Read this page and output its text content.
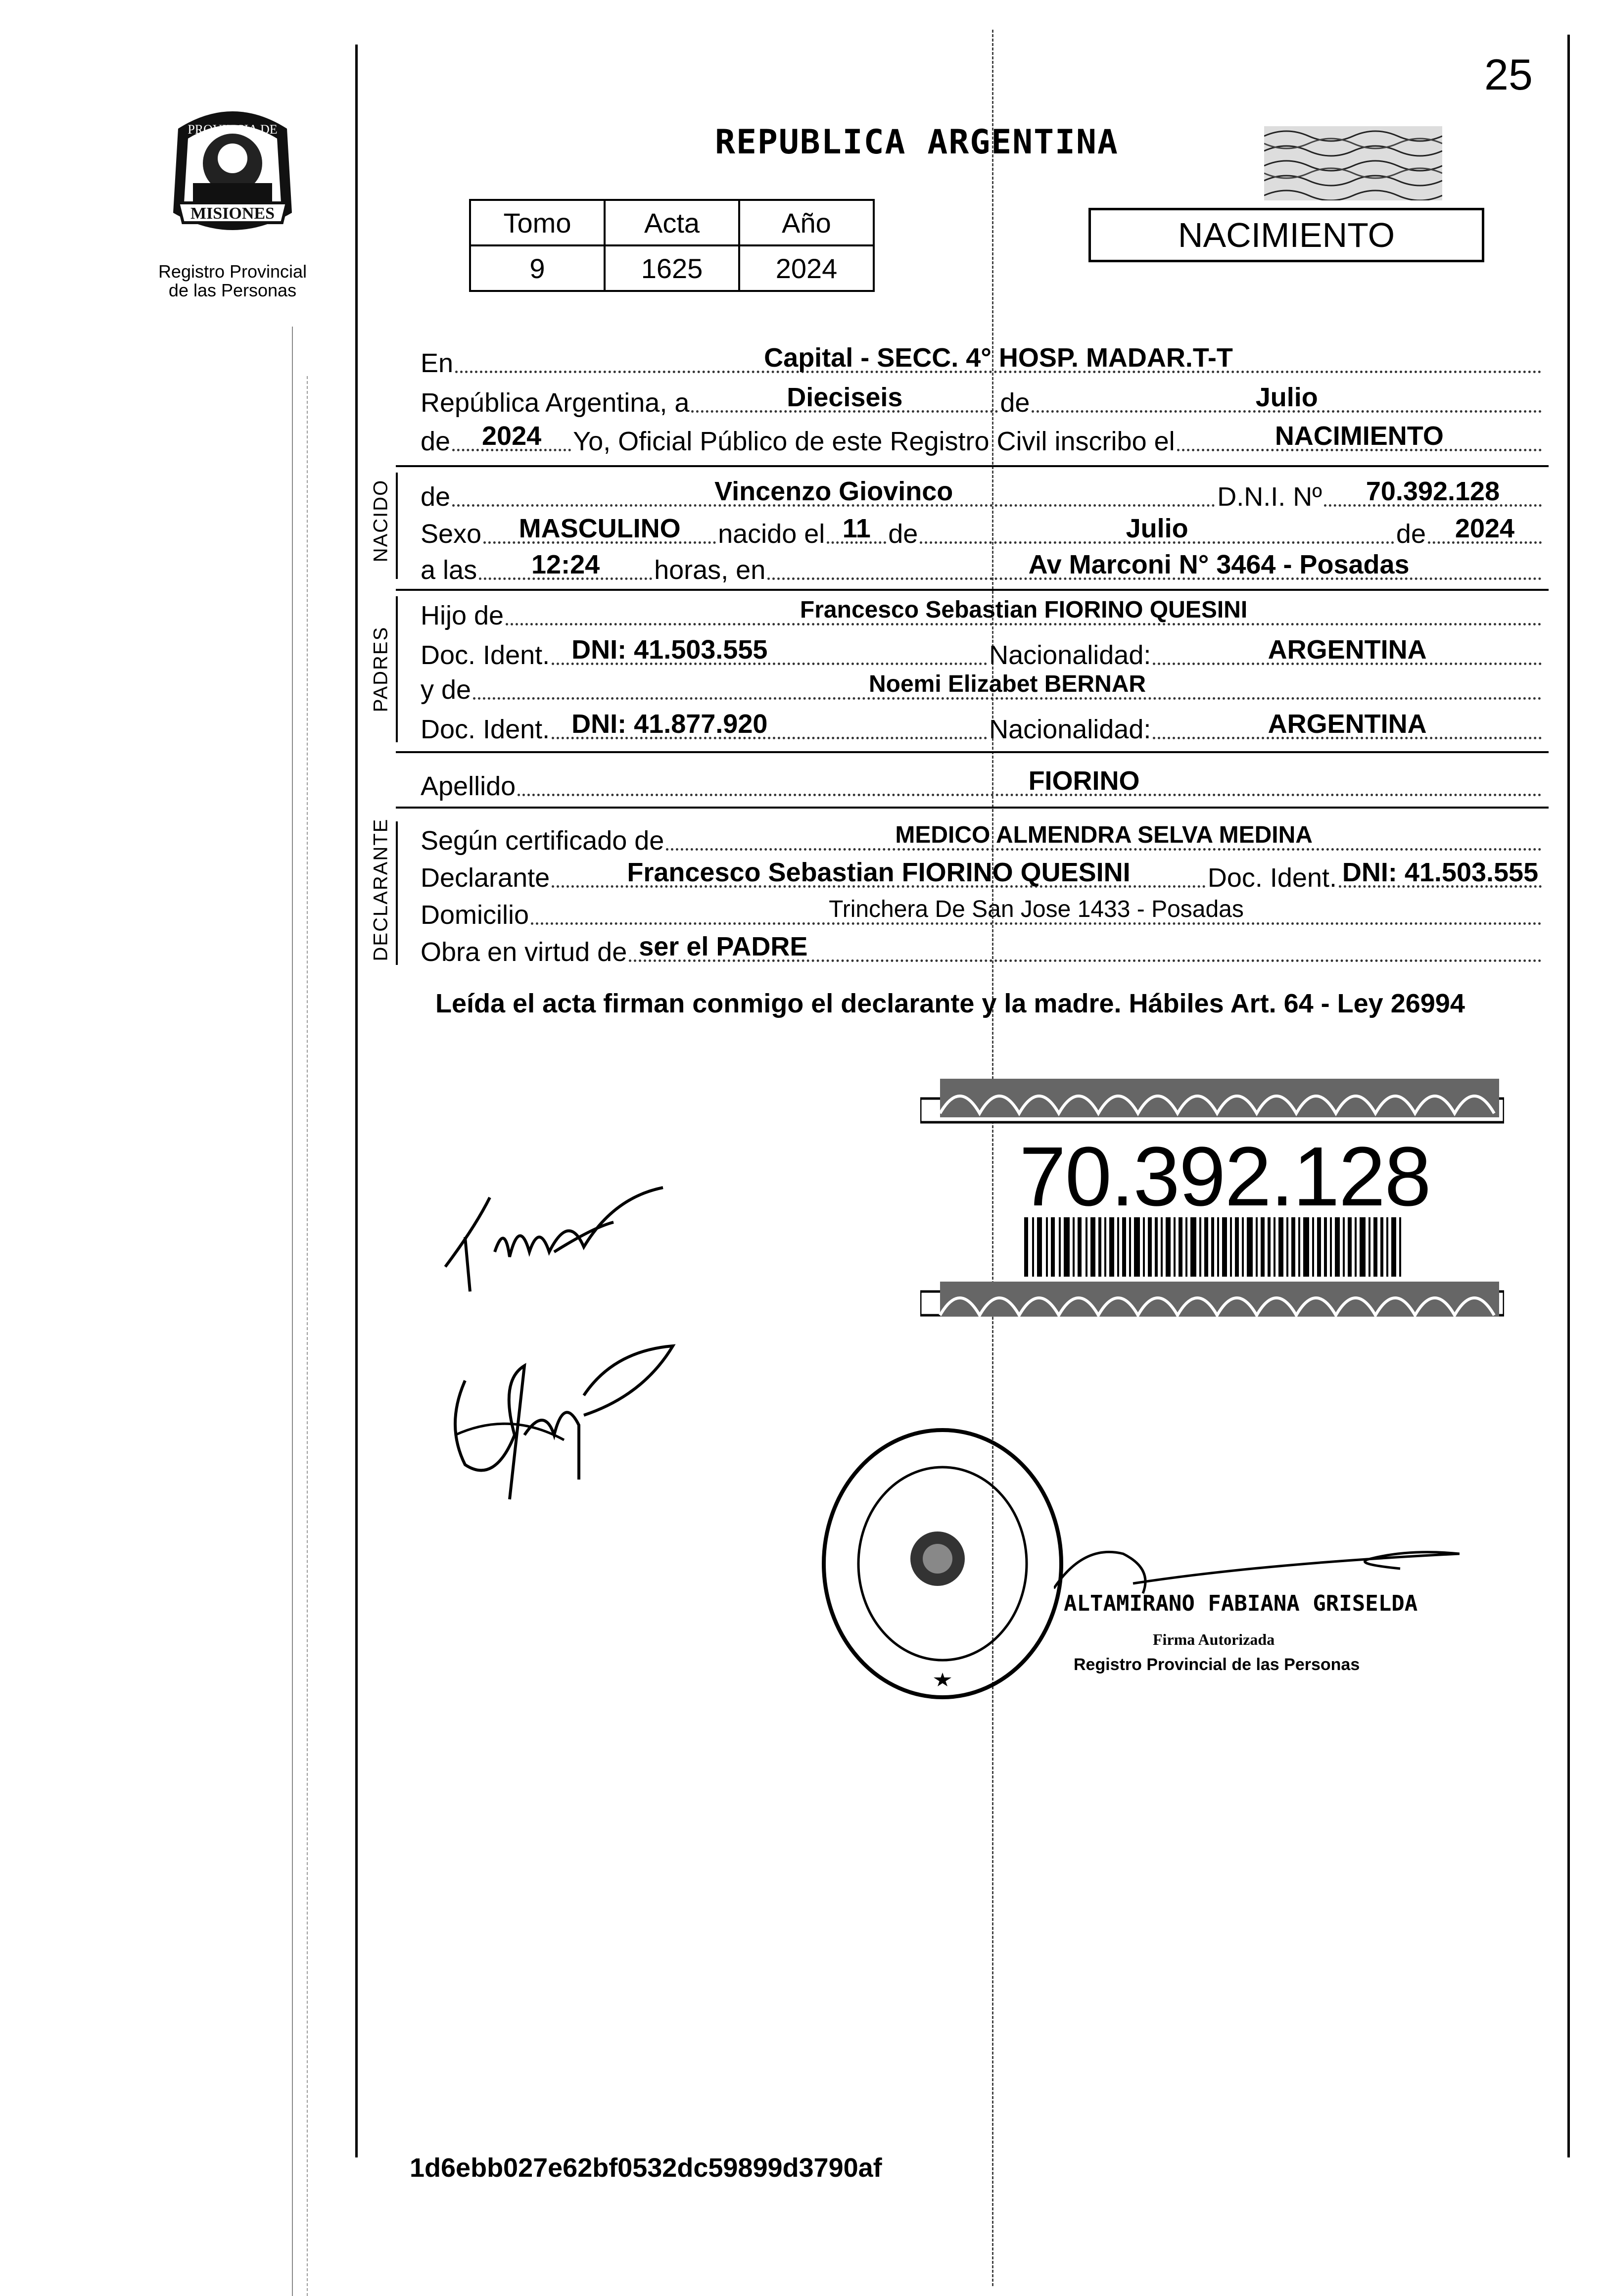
PROVINCIA DE
MISIONES
Registro Provincial
de las Personas
25
REPUBLICA ARGENTINA
Tomo	Acta	Año
9	1625	2024
NACIMIENTO
En	Capital - SECC. 4° HOSP. MADAR.T-T
República Argentina, a	Dieciseis	de	Julio
de	2024	Yo, Oficial Público de este Registro Civil inscribo el	NACIMIENTO
NACIDO de	Vincenzo Giovinco	D.N.I. Nº	70.392.128
Sexo	MASCULINO	nacido el 11 de	Julio	de	2024
a las	12:24	horas, en	Av Marconi N° 3464 - Posadas
PADRES
Hijo de	Francesco Sebastian FIORINO QUESINI
Doc. Ident. DNI: 41.503.555	Nacionalidad:	ARGENTINA
y de	Noemi Elizabet BERNAR
Doc. Ident. DNI: 41.877.920	Nacionalidad:	ARGENTINA
Apellido	FIORINO
DECLARANTE Según certificado de	MEDICO ALMENDRA SELVA MEDINA
Declarante	Francesco Sebastian FIORINO QUESINI	Doc. Ident. DNI: 41.503.555
Domicilio	Trinchera De San Jose 1433 - Posadas
Obra en virtud de ser el PADRE
Leída el acta firman conmigo el declarante y la madre. Hábiles Art. 64 - Ley 26994
70.392.128
ALTAMIRANO FABIANA GRISELDA
Firma Autorizada
Registro Provincial de las Personas
1d6ebb027e62bf0532dc59899d3790af
